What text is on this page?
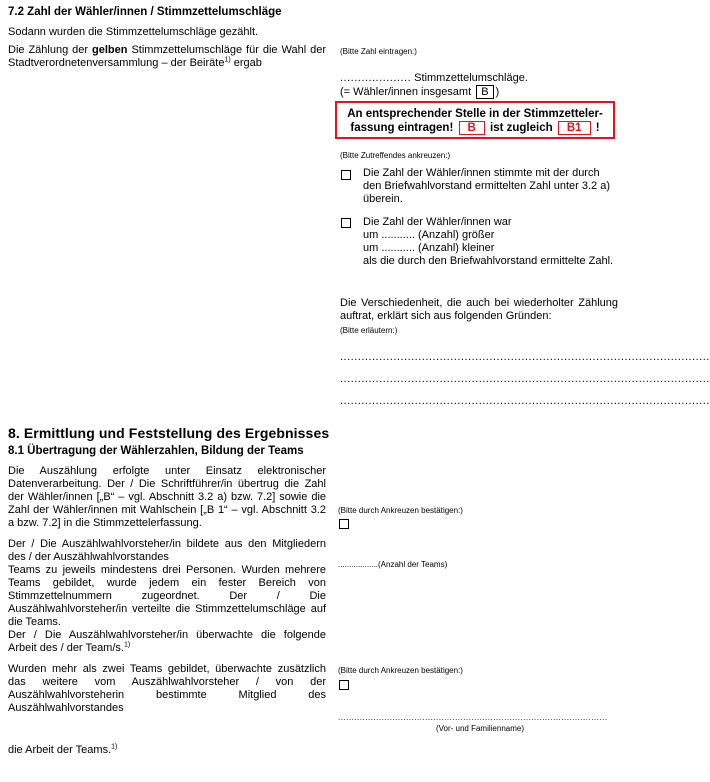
7.2 Zahl der Wähler/innen / Stimmzettelumschläge
Sodann wurden die Stimmzettelumschläge gezählt.
Die Zählung der gelben Stimmzettelumschläge für die Wahl der Stadtverordnetenversammlung – der Beiräte$^{1)}$ ergab
(Bitte Zahl eintragen:)
.................... Stimmzettelumschläge.
(= Wähler/innen insgesamt B )
An entsprechender Stelle in der Stimmzetteler-
fassung eintragen! B ist zugleich B1 !
(Bitte Zutreffendes ankreuzen:)
Die Zahl der Wähler/innen stimmte mit der durch den Briefwahlvorstand ermittelten Zahl unter 3.2 a) überein.
Die Zahl der Wähler/innen war
um ........... (Anzahl) größer
um ........... (Anzahl) kleiner
als die durch den Briefwahlvorstand ermittelte Zahl.
Die Verschiedenheit, die auch bei wiederholter Zählung auftrat, erklärt sich aus folgenden Gründen:
(Bitte erläutern:)
........................................................................................................
........................................................................................................
........................................................................................................
8. Ermittlung und Feststellung des Ergebnisses
8.1 Übertragung der Wählerzahlen, Bildung der Teams
Die Auszählung erfolgte unter Einsatz elektronischer Datenverarbeitung. Der / Die Schriftführer/in übertrug die Zahl der Wähler/innen [„B“ – vgl. Abschnitt 3.2 a) bzw. 7.2] sowie die Zahl der Wähler/innen mit Wahlschein [„B 1“ – vgl. Abschnitt 3.2 a bzw. 7.2] in die Stimmzettelerfassung.
(Bitte durch Ankreuzen bestätigen:)
Der / Die Auszählwahlvorsteher/in bildete aus den Mitgliedern des / der Auszählwahlvorstandes
Teams zu jeweils mindestens drei Personen. Wurden mehrere Teams gebildet, wurde jedem ein fester Bereich von Stimmzettelnummern zugeordnet. Der / Die Auszählwahlvorsteher/in verteilte die Stimmzettelumschläge auf die Teams.
Der / Die Auszählwahlvorsteher/in überwachte die folgende Arbeit des / der Team/s.$^{1)}$
..................(Anzahl der Teams)
Wurden mehr als zwei Teams gebildet, überwachte zusätzlich das weitere vom Auszählwahlvorsteher / von der Auszählwahlvorsteherin bestimmte Mitglied des Auszählwahlvorstandes
(Bitte durch Ankreuzen bestätigen:)
...................................................................................................
(Vor- und Familienname)
die Arbeit der Teams.$^{1)}$
